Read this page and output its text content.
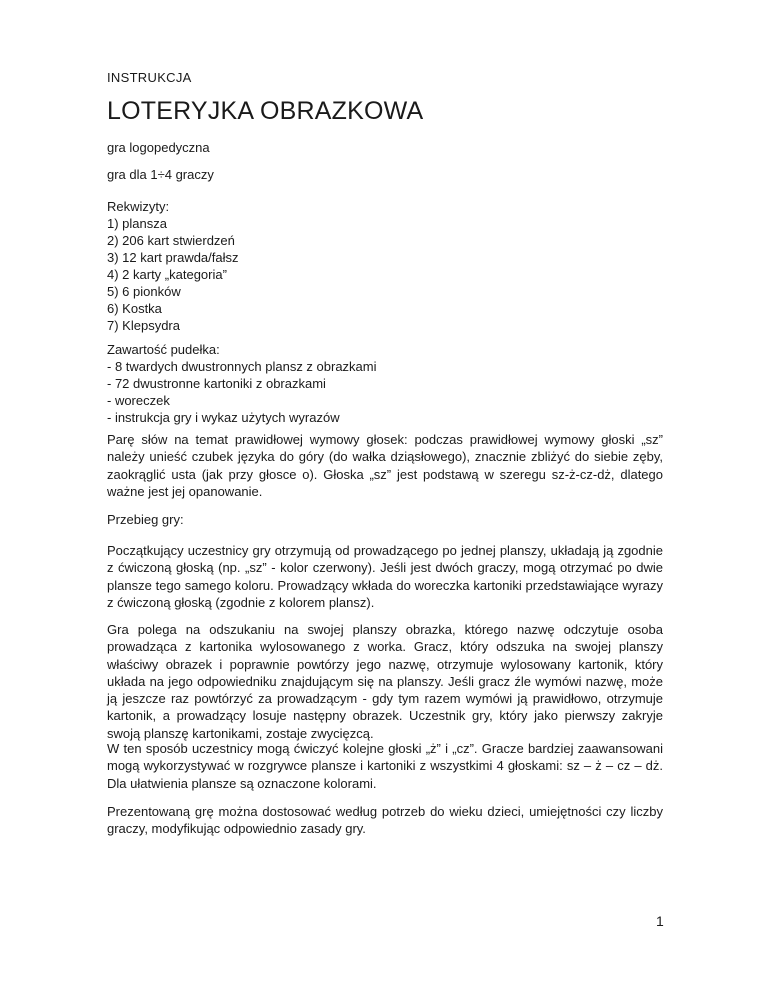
INSTRUKCJA
LOTERYJKA OBRAZKOWA
gra logopedyczna
gra dla 1÷4 graczy
Rekwizyty:
1) plansza
2) 206 kart stwierdzeń
3) 12 kart prawda/fałsz
4) 2 karty „kategoria”
5) 6 pionków
6) Kostka
7) Klepsydra
Zawartość pudełka:
- 8 twardych dwustronnych plansz z obrazkami
- 72 dwustronne kartoniki z obrazkami
- woreczek
- instrukcja gry i wykaz użytych wyrazów

Parę słów na temat prawidłowej wymowy głosek: podczas prawidłowej wymowy głoski „sz” należy unieść czubek języka do góry (do wałka dziąsłowego), znacznie zbliżyć do siebie zęby, zaokrąglić usta (jak przy głosce o). Głoska „sz” jest podstawą w szeregu sz-ż-cz-dż, dlatego ważne jest jej opanowanie.

Przebieg gry:

Początkujący uczestnicy gry otrzymują od prowadzącego po jednej planszy, układają ją zgodnie z ćwiczoną głoską (np. „sz” - kolor czerwony). Jeśli jest dwóch graczy, mogą otrzymać po dwie plansze tego samego koloru. Prowadzący wkłada do woreczka kartoniki przedstawiające wyrazy z ćwiczoną głoską (zgodnie z kolorem plansz).

Gra polega na odszukaniu na swojej planszy obrazka, którego nazwę odczytuje osoba prowadząca z kartonika wylosowanego z worka. Gracz, który odszuka na swojej planszy właściwy obrazek i poprawnie powtórzy jego nazwę, otrzymuje wylosowany kartonik, który układa na jego odpowiedniku znajdującym się na planszy. Jeśli gracz źle wymówi nazwę, może ją jeszcze raz powtórzyć za prowadzącym - gdy tym razem wymówi ją prawidłowo, otrzymuje kartonik, a prowadzący losuje następny obrazek. Uczestnik gry, który jako pierwszy zakryje swoją planszę kartonikami, zostaje zwycięzcą.

W ten sposób uczestnicy mogą ćwiczyć kolejne głoski „ż” i „cz”. Gracze bardziej zaawansowani mogą wykorzystywać w rozgrywce plansze i kartoniki z wszystkimi 4 głoskami: sz – ż – cz – dż. Dla ułatwienia plansze są oznaczone kolorami.

Prezentowaną grę można dostosować według potrzeb do wieku dzieci, umiejętności czy liczby graczy, modyfikując odpowiednio zasady gry.

1
